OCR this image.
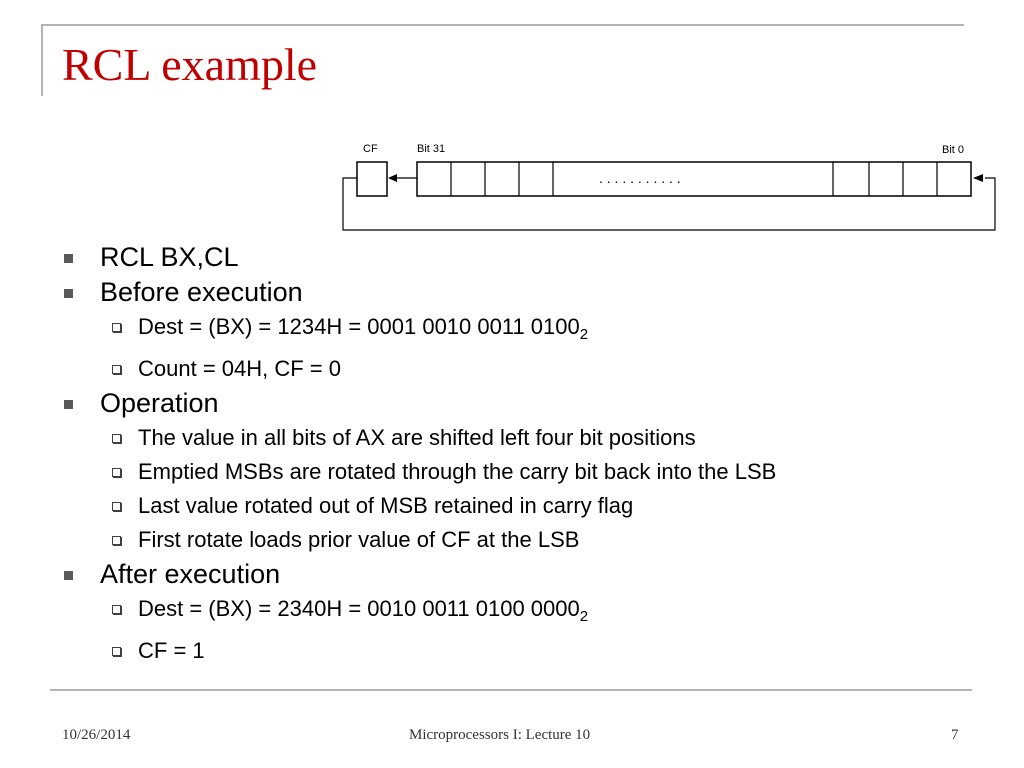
RCL example
CF	Bit 31	Bit 0
. . . . . . . . . . .
RCL BX,CL
Before execution
Dest = (BX) = 1234H = 0001 0010 0011 $0100_2$
Count = 04H, CF = 0
Operation
The value in all bits of AX are shifted left four bit positions
Emptied MSBs are rotated through the carry bit back into the LSB
Last value rotated out of MSB retained in carry flag
First rotate loads prior value of CF at the LSB
After execution
Dest = (BX) = 2340H = 0010 0011 0100 $0000_2$
CF = 1
10/26/2014	Microprocessors I: Lecture 10	7
